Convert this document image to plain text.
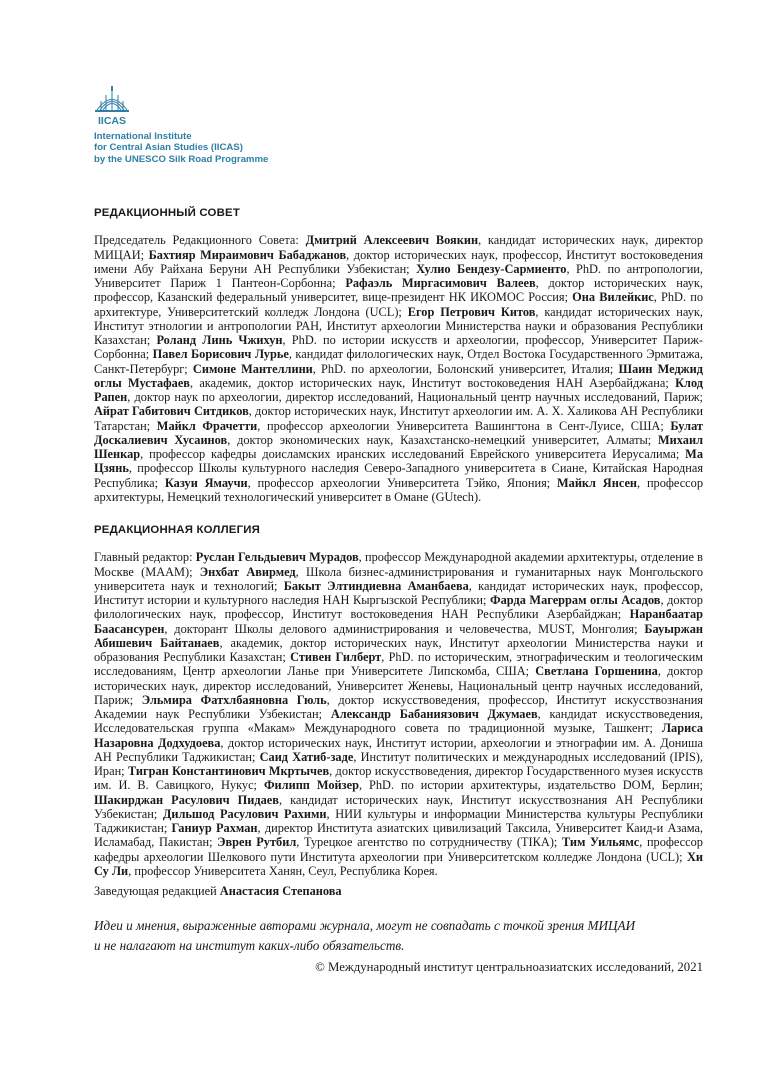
IICAS
International Institute
for Central Asian Studies (IICAS)
by the UNESCO Silk Road Programme

РЕДАКЦИОННЫЙ СОВЕТ

Председатель Редакционного Совета: Дмитрий Алексеевич Воякин, кандидат исторических наук, директор МИЦАИ; Бахтияр Мираимович Бабаджанов, доктор исторических наук, профессор, Институт востоковедения имени Абу Райхана Беруни АН Республики Узбекистан; Хулио Бендезу-Сармиенто, PhD. по антропологии, Университет Париж 1 Пантеон-Сорбонна; Рафаэль Миргасимович Валеев, доктор исторических наук, профессор, Казанский федеральный университет, вице-президент НК ИКОМОС Россия; Она Вилейкис, PhD. по архитектуре, Университетский колледж Лондона (UCL); Егор Петрович Китов, кандидат исторических наук, Институт этнологии и антропологии РАН, Институт археологии Министерства науки и образования Республики Казахстан; Роланд Линь Чжихун, PhD. по истории искусств и археологии, профессор, Университет Париж-Сорбонна; Павел Борисович Лурье, кандидат филологических наук, Отдел Востока Государственного Эрмитажа, Санкт-Петербург; Симоне Мантеллини, PhD. по археологии, Болонский университет, Италия; Шаин Меджид оглы Мустафаев, академик, доктор исторических наук, Институт востоковедения НАН Азербайджана; Клод Рапен, доктор наук по археологии, директор исследований, Национальный центр научных исследований, Париж; Айрат Габитович Ситдиков, доктор исторических наук, Институт археологии им. А. Х. Халикова АН Республики Татарстан; Майкл Фрачетти, профессор археологии Университета Вашингтона в Сент-Луисе, США; Булат Доскалиевич Хусаинов, доктор экономических наук, Казахстанско-немецкий университет, Алматы; Михаил Шенкар, профессор кафедры доисламских иранских исследований Еврейского университета Иерусалима; Ма Цзянь, профессор Школы культурного наследия Северо-Западного университета в Сиане, Китайская Народная Республика; Казуи Ямаучи, профессор археологии Университета Тэйко, Япония; Майкл Янсен, профессор архитектуры, Немецкий технологический университет в Омане (GUtech).

РЕДАКЦИОННАЯ КОЛЛЕГИЯ

Главный редактор: Руслан Гельдыевич Мурадов, профессор Международной академии архитектуры, отделение в Москве (МААМ); Энхбат Авирмед, Школа бизнес-администрирования и гуманитарных наук Монгольского университета наук и технологий; Бакыт Элтиндиевна Аманбаева, кандидат исторических наук, профессор, Институт истории и культурного наследия НАН Кыргызской Республики; Фарда Магеррам оглы Асадов, доктор филологических наук, профессор, Институт востоковедения НАН Республики Азербайджан; Наранбаатар Баасансурен, докторант Школы делового администрирования и человечества, MUST, Монголия; Бауыржан Абишевич Байтанаев, академик, доктор исторических наук, Институт археологии Министерства науки и образования Республики Казахстан; Стивен Гилберт, PhD. по историческим, этнографическим и теологическим исследованиям, Центр археологии Ланье при Университете Липскомба, США; Светлана Горшенина, доктор исторических наук, директор исследований, Университет Женевы, Национальный центр научных исследований, Париж; Эльмира Фатхлбаяновна Гюль, доктор искусствоведения, профессор, Институт искусствознания Академии наук Республики Узбекистан; Александр Бабаниязович Джумаев, кандидат искусствоведения, Исследовательская группа «Макам» Международного совета по традиционной музыке, Ташкент; Лариса Назаровна Додхудоева, доктор исторических наук, Институт истории, археологии и этнографии им. А. Дониша АН Республики Таджикистан; Саид Хатиб-заде, Институт политических и международных исследований (IPIS), Иран; Тигран Константинович Мкртычев, доктор искусствоведения, директор Государственного музея искусств им. И. В. Савицкого, Нукус; Филипп Мойзер, PhD. по истории архитектуры, издательство DOM, Берлин; Шакирджан Расулович Пидаев, кандидат исторических наук, Институт искусствознания АН Республики Узбекистан; Дильшод Расулович Рахими, НИИ культуры и информации Министерства культуры Республики Таджикистан; Ганиур Рахман, директор Института азиатских цивилизаций Таксила, Университет Каид-и Азама, Исламабад, Пакистан; Эврен Рутбил, Турецкое агентство по сотрудничеству (ТІКА); Тим Уильямс, профессор кафедры археологии Шелкового пути Института археологии при Университетском колледже Лондона (UCL); Хи Су Ли, профессор Университета Ханян, Сеул, Республика Корея.

Заведующая редакцией Анастасия Степанова

Идеи и мнения, выраженные авторами журнала, могут не совпадать с точкой зрения МИЦАИ
и не налагают на институт каких-либо обязательств.

© Международный институт центральноазиатских исследований, 2021
